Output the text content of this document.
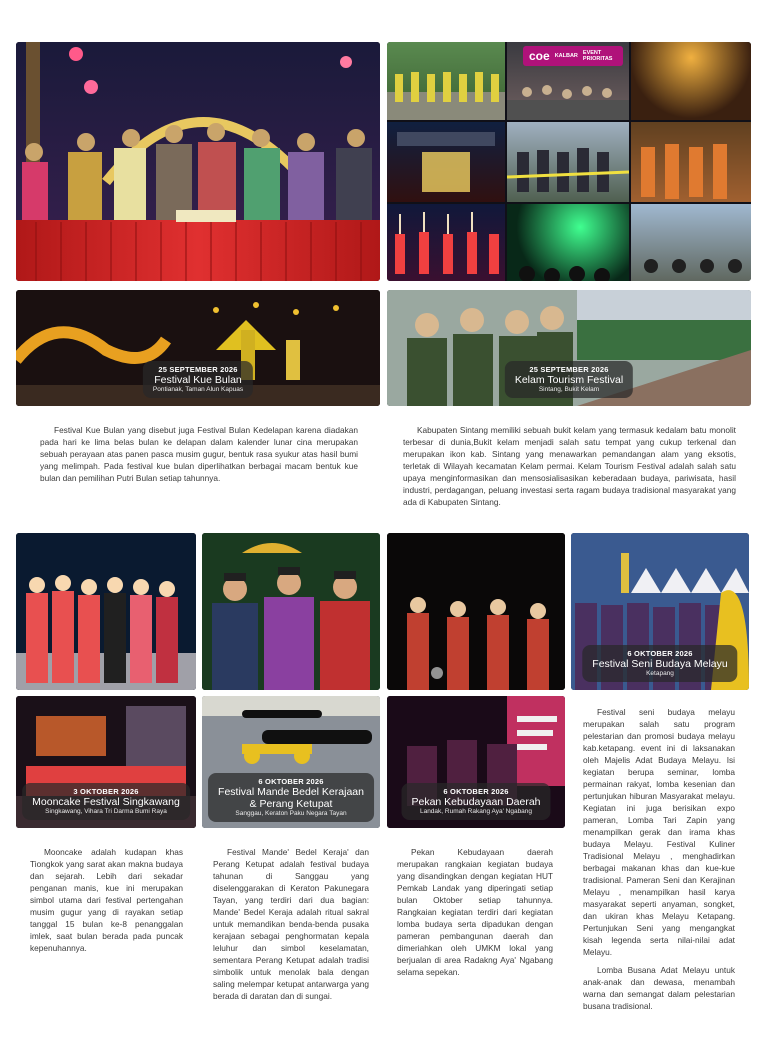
coe KALBAR EVENT PRIORITAS
25 SEPTEMBER 2026
Festival Kue Bulan
Pontianak, Taman Alun Kapuas
25 SEPTEMBER 2026
Kelam Tourism Festival
Sintang, Bukit Kelam

Festival Kue Bulan yang disebut juga Festival Bulan Kedelapan karena diadakan pada hari ke lima belas bulan ke delapan dalam kalender lunar cina merupakan sebuah perayaan atas panen pasca musim gugur, bentuk rasa syukur atas hasil bumi yang melimpah. Pada festival kue bulan diperlihatkan berbagai macam bentuk kue bulan dan pemilihan Putri Bulan setiap tahunnya.

Kabupaten Sintang memiliki sebuah bukit kelam yang termasuk kedalam batu monolit terbesar di dunia,Bukit kelam menjadi salah satu tempat yang cukup terkenal dan merupakan ikon kab. Sintang yang menawarkan pemandangan alam yang eksotis, terletak di Wilayah kecamatan Kelam permai. Kelam Tourism Festival adalah salah satu upaya menginformasikan dan mensosialisasikan keberadaan budaya, pariwisata, hasil industri, perdagangan, peluang investasi serta ragam budaya tradisional masyarakat yang ada di Kabupaten Sintang.

6 OKTOBER 2026
Festival Seni Budaya Melayu
Ketapang
3 OKTOBER 2026
Mooncake Festival Singkawang
Singkawang, Vihara Tri Darma Bumi Raya
6 OKTOBER 2026
Festival Mande Bedel Kerajaan
& Perang Ketupat
Sanggau, Keraton Paku Negara Tayan
6 OKTOBER 2026
Pekan Kebudayaan Daerah
Landak, Rumah Rakang Aya' Ngabang

Festival seni budaya melayu merupakan salah satu program pelestarian dan promosi budaya melayu kab.ketapang. event ini di laksanakan oleh Majelis Adat Budaya Melayu. Isi kegiatan berupa seminar, lomba permainan rakyat, lomba kesenian dan pertunjukan hiburan Masyarakat melayu. Kegiatan ini juga berisikan expo pameran, Lomba Tari Zapin yang menampilkan gerak dan irama khas budaya Melayu. Festival Kuliner Tradisional Melayu , menghadirkan berbagai makanan khas dan kue-kue tradisional. Pameran Seni dan Kerajinan Melayu , menampilkan hasil karya masyarakat seperti anyaman, songket, dan ukiran khas Melayu Ketapang. Pertunjukan Seni yang mengangkat kisah legenda serta nilai-nilai adat Melayu.

Lomba Busana Adat Melayu untuk anak-anak dan dewasa, menambah warna dan semangat dalam pelestarian busana tradisional.

Mooncake adalah kudapan khas Tiongkok yang sarat akan makna budaya dan sejarah. Lebih dari sekadar penganan manis, kue ini merupakan simbol utama dari festival pertengahan musim gugur yang di rayakan setiap tanggal 15 bulan ke-8 penanggalan imlek, saat bulan berada pada puncak kepenuhannya.

Festival Mande' Bedel Keraja' dan Perang Ketupat adalah festival budaya tahunan di Sanggau yang diselenggarakan di Keraton Pakunegara Tayan, yang terdiri dari dua bagian: Mande' Bedel Keraja adalah ritual sakral untuk memandikan benda-benda pusaka kerajaan sebagai penghormatan kepala leluhur dan simbol keselamatan, sementara Perang Ketupat adalah tradisi simbolik untuk menolak bala dengan saling melempar ketupat antarwarga yang berada di daratan dan di sungai.

Pekan Kebudayaan daerah merupakan rangkaian kegiatan budaya yang disandingkan dengan kegiatan HUT Pemkab Landak yang diperingati setiap bulan Oktober setiap tahunnya. Rangkaian kegiatan terdiri dari kegiatan lomba budaya serta dipadukan dengan pameran pembangunan daerah dan dimeriahkan oleh UMKM lokal yang berjualan di area Radakng Aya' Ngabang selama sepekan.
